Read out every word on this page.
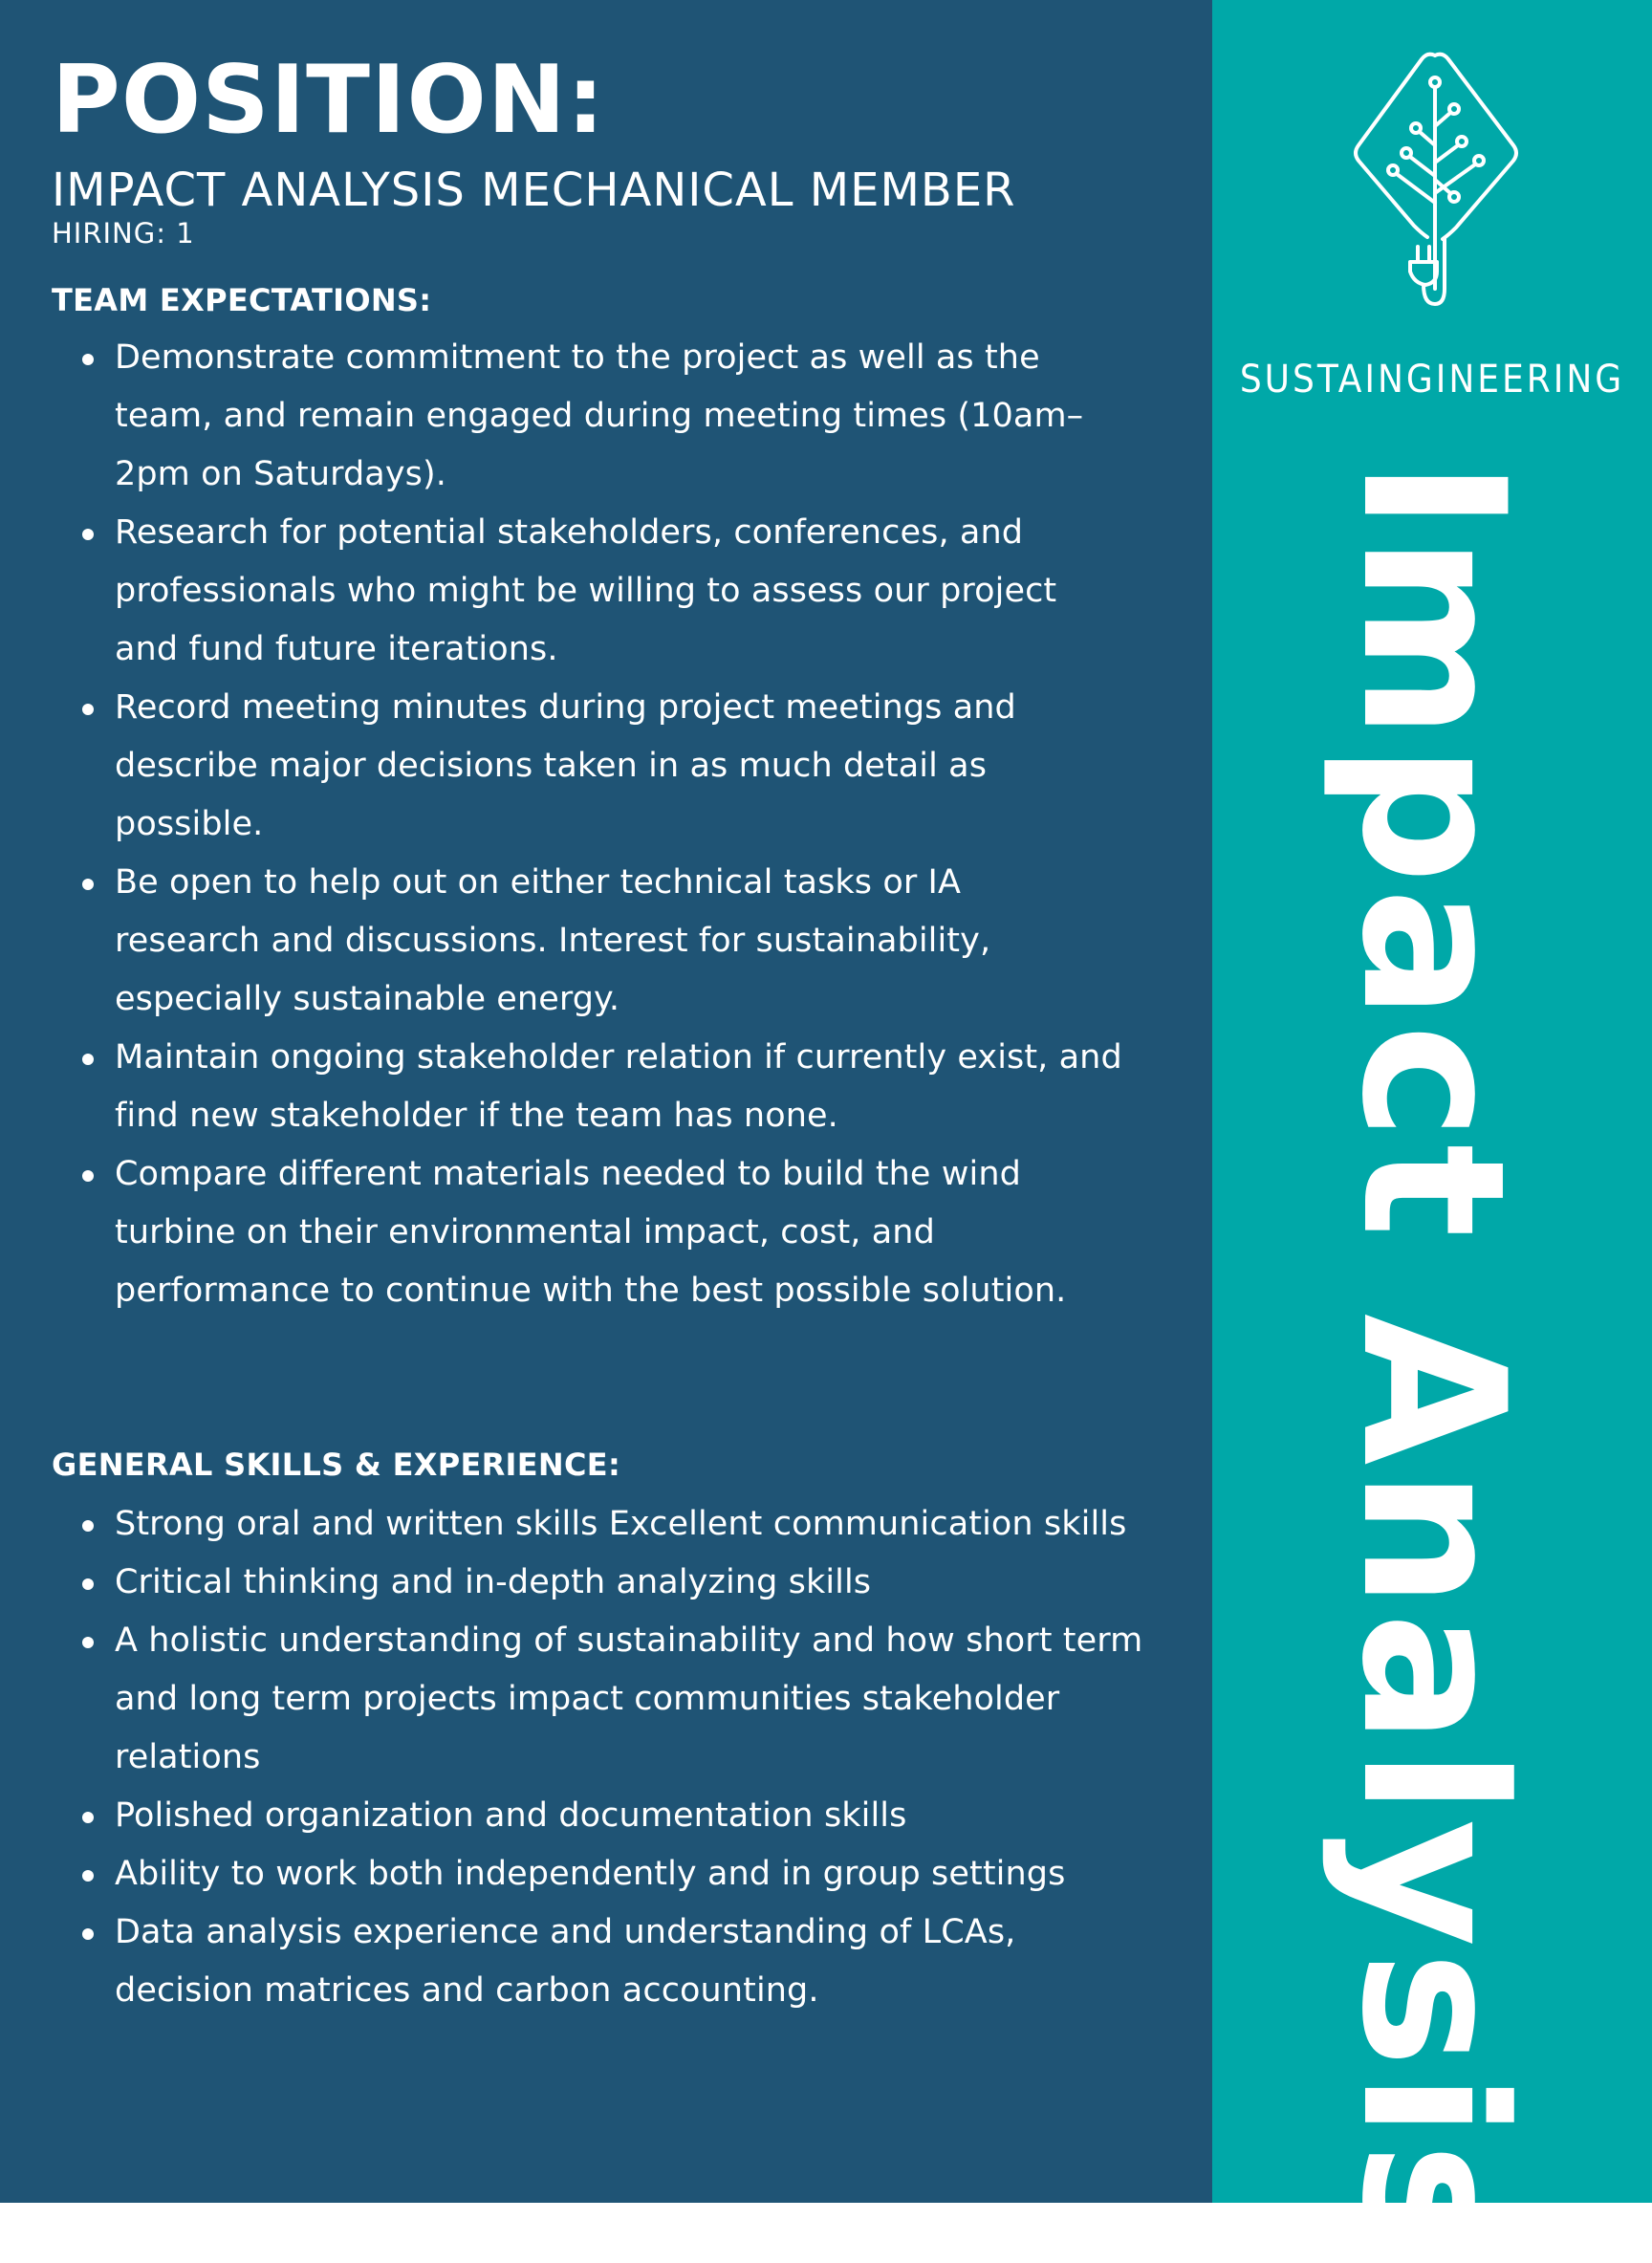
POSITION:
IMPACT ANALYSIS MECHANICAL MEMBER

HIRING: 1

TEAM EXPECTATIONS:
Demonstrate commitment to the project as well as the team, and remain engaged during meeting times (10am–2pm on Saturdays).
Research for potential stakeholders, conferences, and professionals who might be willing to assess our project and fund future iterations.
Record meeting minutes during project meetings and describe major decisions taken in as much detail as possible.
Be open to help out on either technical tasks or IA research and discussions. Interest for sustainability, especially sustainable energy.
Maintain ongoing stakeholder relation if currently exist, and find new stakeholder if the team has none.
Compare different materials needed to build the wind turbine on their environmental impact, cost, and performance to continue with the best possible solution.
GENERAL SKILLS & EXPERIENCE:
Strong oral and written skills Excellent communication skills
Critical thinking and in-depth analyzing skills
A holistic understanding of sustainability and how short term and long term projects impact communities stakeholder relations
Polished organization and documentation skills
Ability to work both independently and in group settings
Data analysis experience and understanding of LCAs, decision matrices and carbon accounting.

SUSTAINGINEERING

Impact Analysis
